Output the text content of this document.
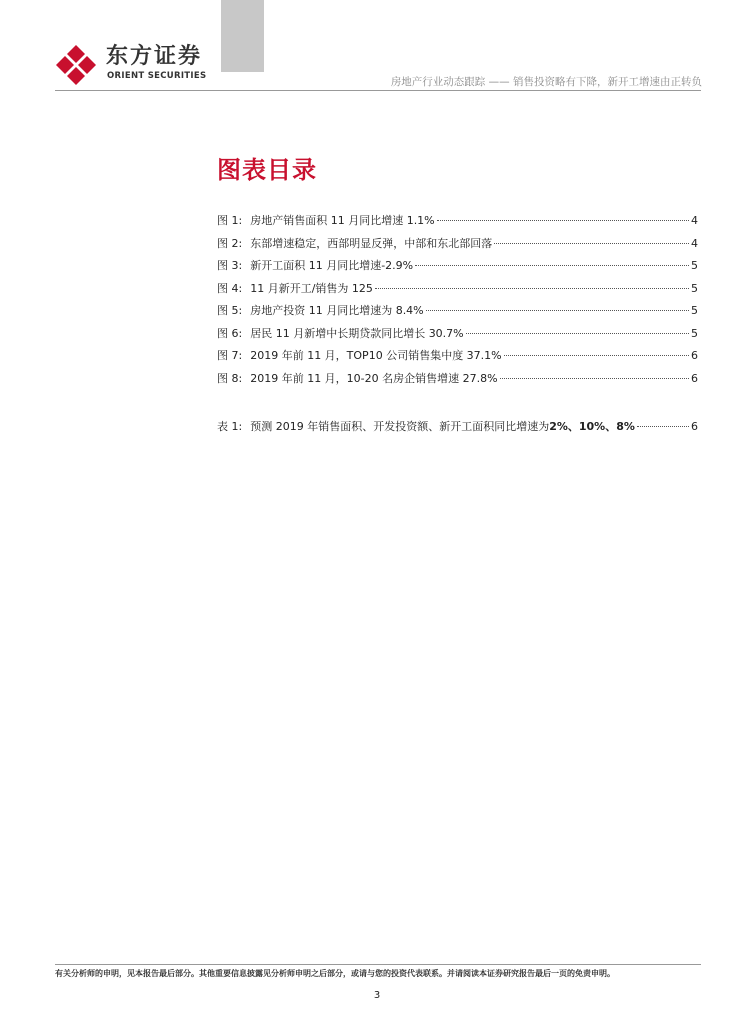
东方证券
ORIENT SECURITIES	房地产行业动态跟踪 —— 销售投资略有下降，新开工增速由正转负
图表目录
图 1: 房地产销售面积 11 月同比增速 1.1%	4
图 2: 东部增速稳定，西部明显反弹，中部和东北部回落	4
图 3: 新开工面积 11 月同比增速-2.9%	5
图 4: 11 月新开工/销售为 125	5
图 5: 房地产投资 11 月同比增速为 8.4%	5
图 6: 居民 11 月新增中长期贷款同比增长 30.7%	5
图 7: 2019 年前 11 月，TOP10 公司销售集中度 37.1%	6
图 8: 2019 年前 11 月，10-20 名房企销售增速 27.8%	6
表 1: 预测 2019 年销售面积、开发投资额、新开工面积同比增速为2%、10%、8%	6
有关分析师的申明，见本报告最后部分。其他重要信息披露见分析师申明之后部分，或请与您的投资代表联系。并请阅读本证券研究报告最后一页的免责申明。
3
